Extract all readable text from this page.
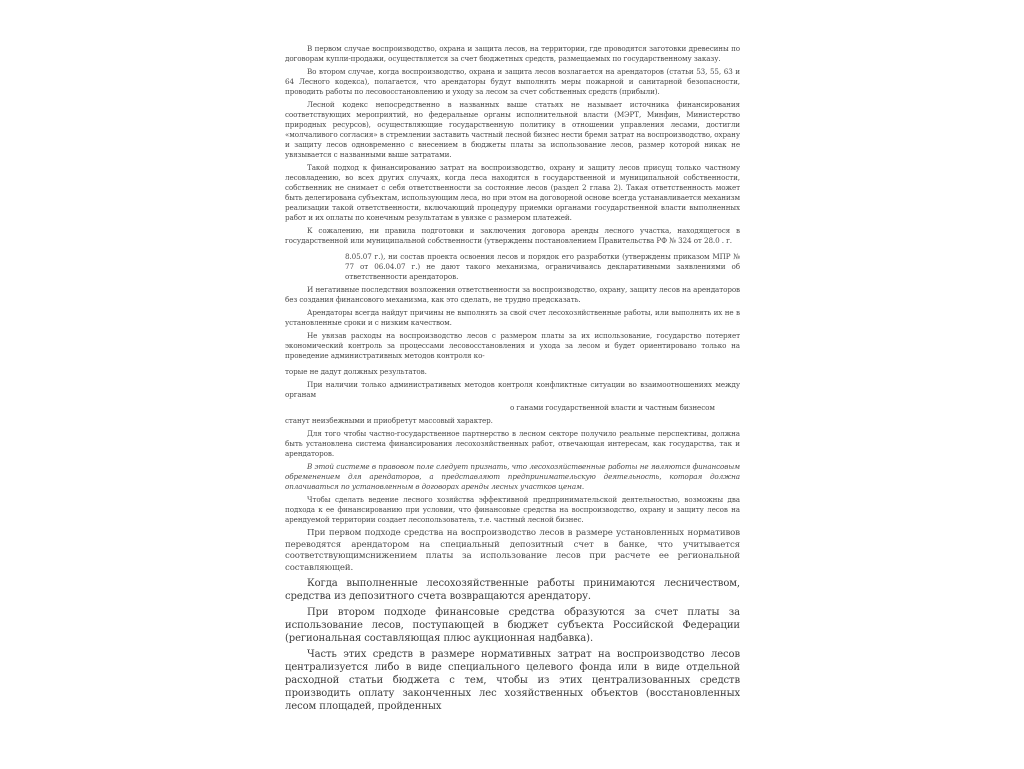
В первом случае воспроизводство, охрана и защита лесов, на территории, где проводятся заготовки древесины по договорам купли-продажи, осуществляется за счет бюджетных средств, размещаемых по государственному заказу.

Во втором случае, когда воспроизводство, охрана и защита лесов возлагается на арендаторов (статьи 53, 55, 63 и 64 Лесного кодекса), полагается, что арендаторы будут выполнять меры пожарной и санитарной безопасности, проводить работы по лесовосстановлению и уходу за лесом за счет собственных средств (прибыли).

Лесной кодекс непосредственно в названных выше статьях не называет источника финансирования соответствующих мероприятий, но федеральные органы исполнительной власти (МЭРТ, Минфин, Министерство природных ресурсов), осуществляющие государственную политику в отношении управления лесами, достигли «молчаливого согласия» в стремлении заставить частный лесной бизнес нести бремя затрат на воспроизводство, охрану и защиту лесов одновременно с внесением в бюджеты платы за использование лесов, размер которой никак не увязывается с названными выше затратами.

Такой подход к финансированию затрат на воспроизводство, охрану и защиту лесов присущ только частному лесовладению, во всех других случаях, когда леса находятся в государственной и муниципальной собственности, собственник не снимает с себя ответственности за состояние лесов (раздел 2 глава 2). Такая ответственность может быть делегирована субъектам, использующим леса, но при этом на договорной основе всегда устанавливается механизм реализации такой ответственности, включающий процедуру приемки органами государственной власти выполненных работ и их оплаты по конечным результатам в увязке с размером платежей.

К сожалению, ни правила подготовки и заключения договора аренды лесного участка, находящегося в государственной или муниципальной собственности (утверждены постановлением Правительства РФ № 324 от 28.0 . г.

8.05.07 г.), ни состав проекта освоения лесов и порядок его разработки (утверждены приказом МПР № 77 от 06.04.07 г.) не дают такого механизма, ограничиваясь декларативными заявлениями об ответственности арендаторов.

И негативные последствия возложения ответственности за воспроизводство, охрану, защиту лесов на арендаторов без создания финансового механизма, как это сделать, не трудно предсказать.

Арендаторы всегда найдут причины не выполнять за свой счет лесохозяйственные работы, или выполнять их не в установленные сроки и с низким качеством.

Не увязав расходы на воспроизводство лесов с размером платы за их использование, государство потеряет экономический контроль за процессами лесовосстановления и ухода за лесом и будет ориентировано только на проведение административных методов контроля ко-

торые не дадут должных результатов.

При наличии только административных методов контроля конфликтные ситуации во взаимоотношениях между органам

о ганами государственной власти и частным бизнесом

станут неизбежными и приобретут массовый характер.

Для того чтобы частно-государственное партнерство в лесном секторе получило реальные перспективы, должна быть установлена система финансирования лесохозяйственных работ, отвечающая интересам, как государства, так и арендаторов.

В этой системе в правовом поле следует признать, что лесохозяйственные работы не являются финансовым обременением для арендаторов, а представляют предпринимательскую деятельность, которая должна оплачиваться по установленным в договорах аренды лесных участков ценам.

Чтобы сделать ведение лесного хозяйства эффективной предпринимательской деятельностью, возможны два подхода к ее финансированию при условии, что финансовые средства на воспроизводство, охрану и защиту лесов на арендуемой территории создает лесопользователь, т.е. частный лесной бизнес.

При первом подходе средства на воспроизводство лесов в размере установленных нормативов переводятся арендатором на специальный депозитный счет в банке, что учитывается соответствующимснижением платы за использование лесов при расчете ее региональной составляющей.

Когда выполненные лесохозяйственные работы принимаются лесничеством, средства из депозитного счета возвращаются арендатору.

При втором подходе финансовые средства образуются за счет платы за использование лесов, поступающей в бюджет субъекта Российской Федерации (региональная составляющая плюс аукционная надбавка).

Часть этих средств в размере нормативных затрат на воспроизводство лесов централизуется либо в виде специального целевого фонда или в виде отдельной расходной статьи бюджета с тем, чтобы из этих централизованных средств производить оплату законченных лес хозяйственных объектов (восстановленных лесом площадей, пройденных
